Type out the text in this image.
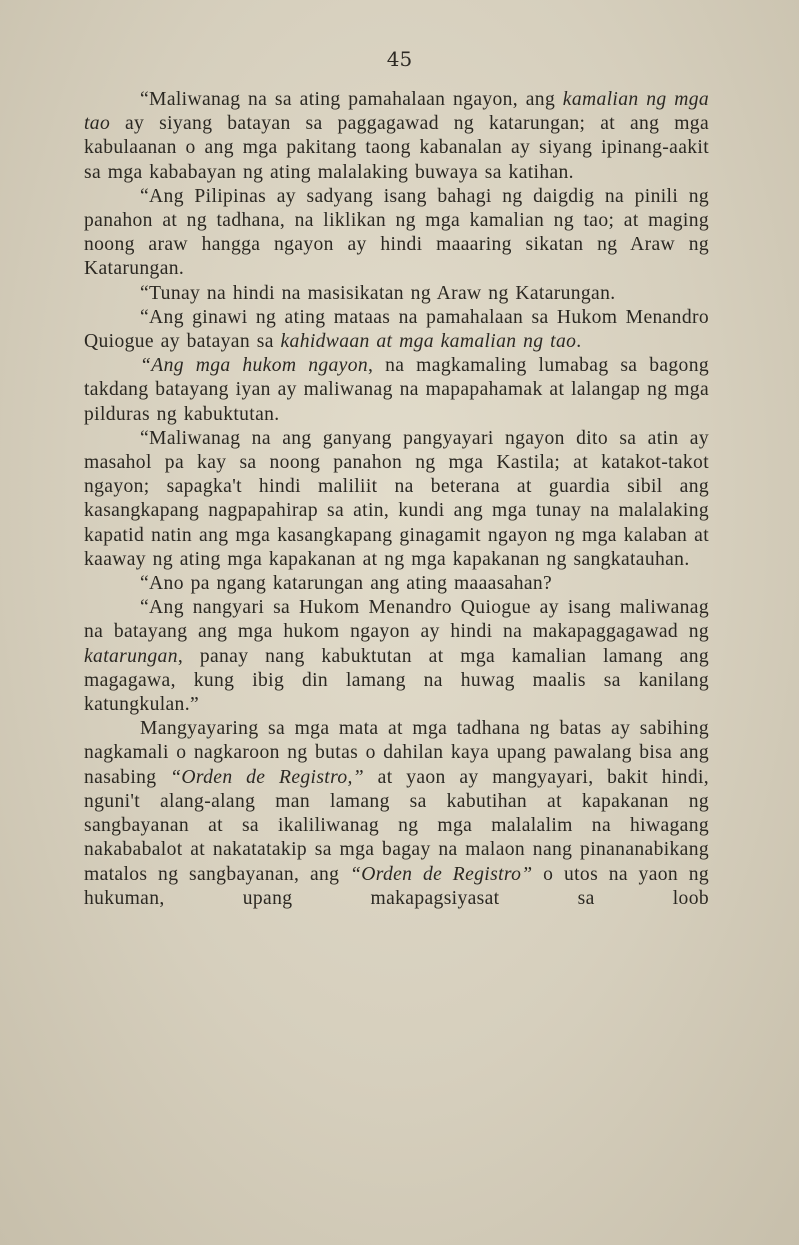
45

“Maliwanag na sa ating pamahalaan ngayon, ang kamalian ng mga tao ay siyang batayan sa paggagawad ng katarungan; at ang mga kabulaanan o ang mga pakitang taong kabanalan ay siyang ipinang-aakit sa mga kababayan ng ating malalaking buwaya sa katihan.

“Ang Pilipinas ay sadyang isang bahagi ng daigdig na pinili ng panahon at ng tadhana, na liklikan ng mga kamalian ng tao; at maging noong araw hangga ngayon ay hindi maaaring sikatan ng Araw ng Katarungan.

“Tunay na hindi na masisikatan ng Araw ng Katarungan.

“Ang ginawi ng ating mataas na pamahalaan sa Hukom Menandro Quiogue ay batayan sa kahidwaan at mga kamalian ng tao.

“Ang mga hukom ngayon, na magkamaling lumabag sa bagong takdang batayang iyan ay maliwanag na mapapahamak at lalangap ng mga pilduras ng kabuktutan.

“Maliwanag na ang ganyang pangyayari ngayon dito sa atin ay masahol pa kay sa noong panahon ng mga Kastila; at katakot-takot ngayon; sapagka't hindi maliliit na beterana at guardia sibil ang kasangkapang nagpapahirap sa atin, kundi ang mga tunay na malalaking kapatid natin ang mga kasangkapang ginagamit ngayon ng mga kalaban at kaaway ng ating mga kapakanan at ng mga kapakanan ng sangkatauhan.

“Ano pa ngang katarungan ang ating maaasahan?

“Ang nangyari sa Hukom Menandro Quiogue ay isang maliwanag na batayang ang mga hukom ngayon ay hindi na makapaggagawad ng katarungan, panay nang kabuktutan at mga kamalian lamang ang magagawa, kung ibig din lamang na huwag maalis sa kanilang katungkulan.”

Mangyayaring sa mga mata at mga tadhana ng batas ay sabihing nagkamali o nagkaroon ng butas o dahilan kaya upang pawalang bisa ang nasabing “Orden de Registro,” at yaon ay mangyayari, bakit hindi, nguni't alang-alang man lamang sa kabutihan at kapakanan ng sangbayanan at sa ikaliliwanag ng mga malalalim na hiwagang nakababalot at nakatatakip sa mga bagay na malaon nang pinananabikang matalos ng sangbayanan, ang “Orden de Registro” o utos na yaon ng hukuman, upang makapagsiyasat sa loob
